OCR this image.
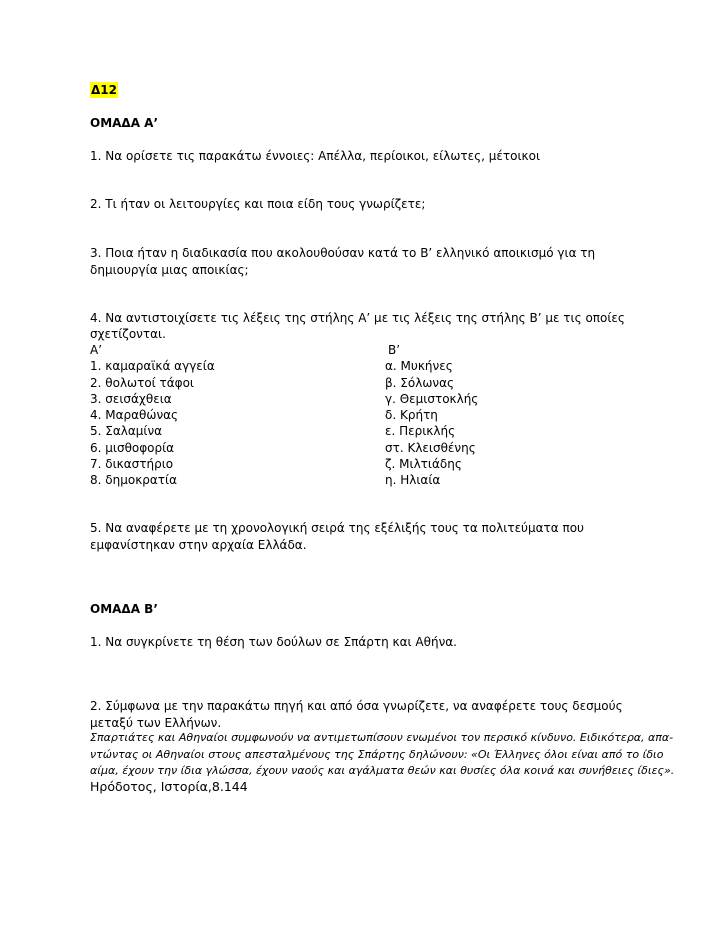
Δ12
ΟΜΑΔΑ Α’
1. Να ορίσετε τις παρακάτω έννοιες: Απέλλα, περίοικοι, είλωτες, μέτοικοι
2. Τι ήταν οι λειτουργίες και ποια είδη τους γνωρίζετε;
3. Ποια ήταν η διαδικασία που ακολουθούσαν κατά το Β’ ελληνικό αποικισμό για τη
δημιουργία μιας αποικίας;
4. Να αντιστοιχίσετε τις λέξεις της στήλης Α’ με τις λέξεις της στήλης Β’ με τις οποίες
σχετίζονται.
Α’	Β’
1. καμαραϊκά αγγεία
2. θολωτοί τάφοι
3. σεισάχθεια
4. Μαραθώνας
5. Σαλαμίνα
6. μισθοφορία
7. δικαστήριο
8. δημοκρατία
α. Μυκήνες
β. Σόλωνας
γ. Θεμιστοκλής
δ. Κρήτη
ε. Περικλής
στ. Κλεισθένης
ζ. Μιλτιάδης
η. Ηλιαία
5. Να αναφέρετε με τη χρονολογική σειρά της εξέλιξής τους τα πολιτεύματα που
εμφανίστηκαν στην αρχαία Ελλάδα.
ΟΜΑΔΑ Β’
1. Να συγκρίνετε τη θέση των δούλων σε Σπάρτη και Αθήνα.
2. Σύμφωνα με την παρακάτω πηγή και από όσα γνωρίζετε, να αναφέρετε τους δεσμούς
μεταξύ των Ελλήνων.
Σπαρτιάτες και Αθηναίοι συμφωνούν να αντιμετωπίσουν ενωμένοι τον περσικό κίνδυνο. Ειδικότερα, απα-
ντώντας οι Αθηναίοι στους απεσταλμένους της Σπάρτης δηλώνουν: «Οι Έλληνες όλοι είναι από το ίδιο
αίμα, έχουν την ίδια γλώσσα, έχουν ναούς και αγάλματα θεών και θυσίες όλα κοινά και συνήθειες ίδιες».
Ηρόδοτος, Ιστορία,8.144
